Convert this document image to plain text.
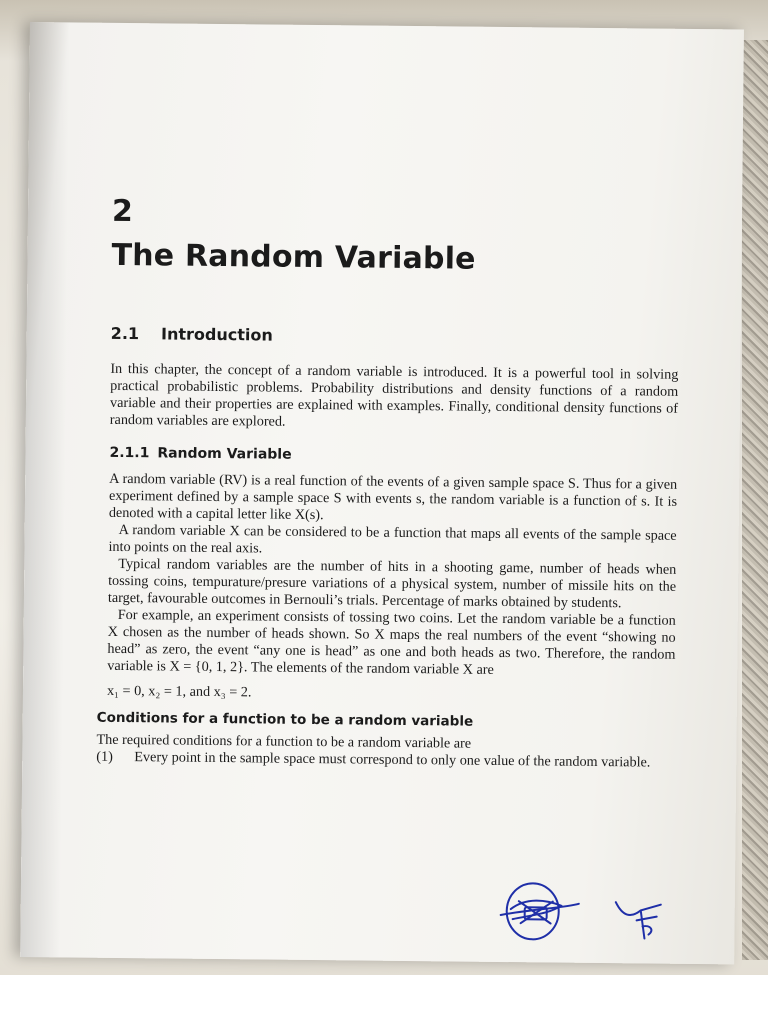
2
The Random Variable
2.1 Introduction

In this chapter, the concept of a random variable is introduced. It is a powerful tool in solving practical probabilistic problems. Probability distributions and density functions of a random variable and their properties are explained with examples. Finally, conditional density functions of random variables are explored.

2.1.1 Random Variable

A random variable (RV) is a real function of the events of a given sample space S. Thus for a given experiment defined by a sample space S with events s, the random variable is a function of s. It is denoted with a capital letter like X(s).

A random variable X can be considered to be a function that maps all events of the sample space into points on the real axis.

Typical random variables are the number of hits in a shooting game, number of heads when tossing coins, tempurature/presure variations of a physical system, number of missile hits on the target, favourable outcomes in Bernouli’s trials. Percentage of marks obtained by students.

For example, an experiment consists of tossing two coins. Let the random variable be a function X chosen as the number of heads shown. So X maps the real numbers of the event “showing no head” as zero, the event “any one is head” as one and both heads as two. Therefore, the random variable is X = {0, 1, 2}. The elements of the random variable X are

x₁ = 0, x₂ = 1, and x₃ = 2.

Conditions for a function to be a random variable

The required conditions for a function to be a random variable are

(1) Every point in the sample space must correspond to only one value of the random variable.
